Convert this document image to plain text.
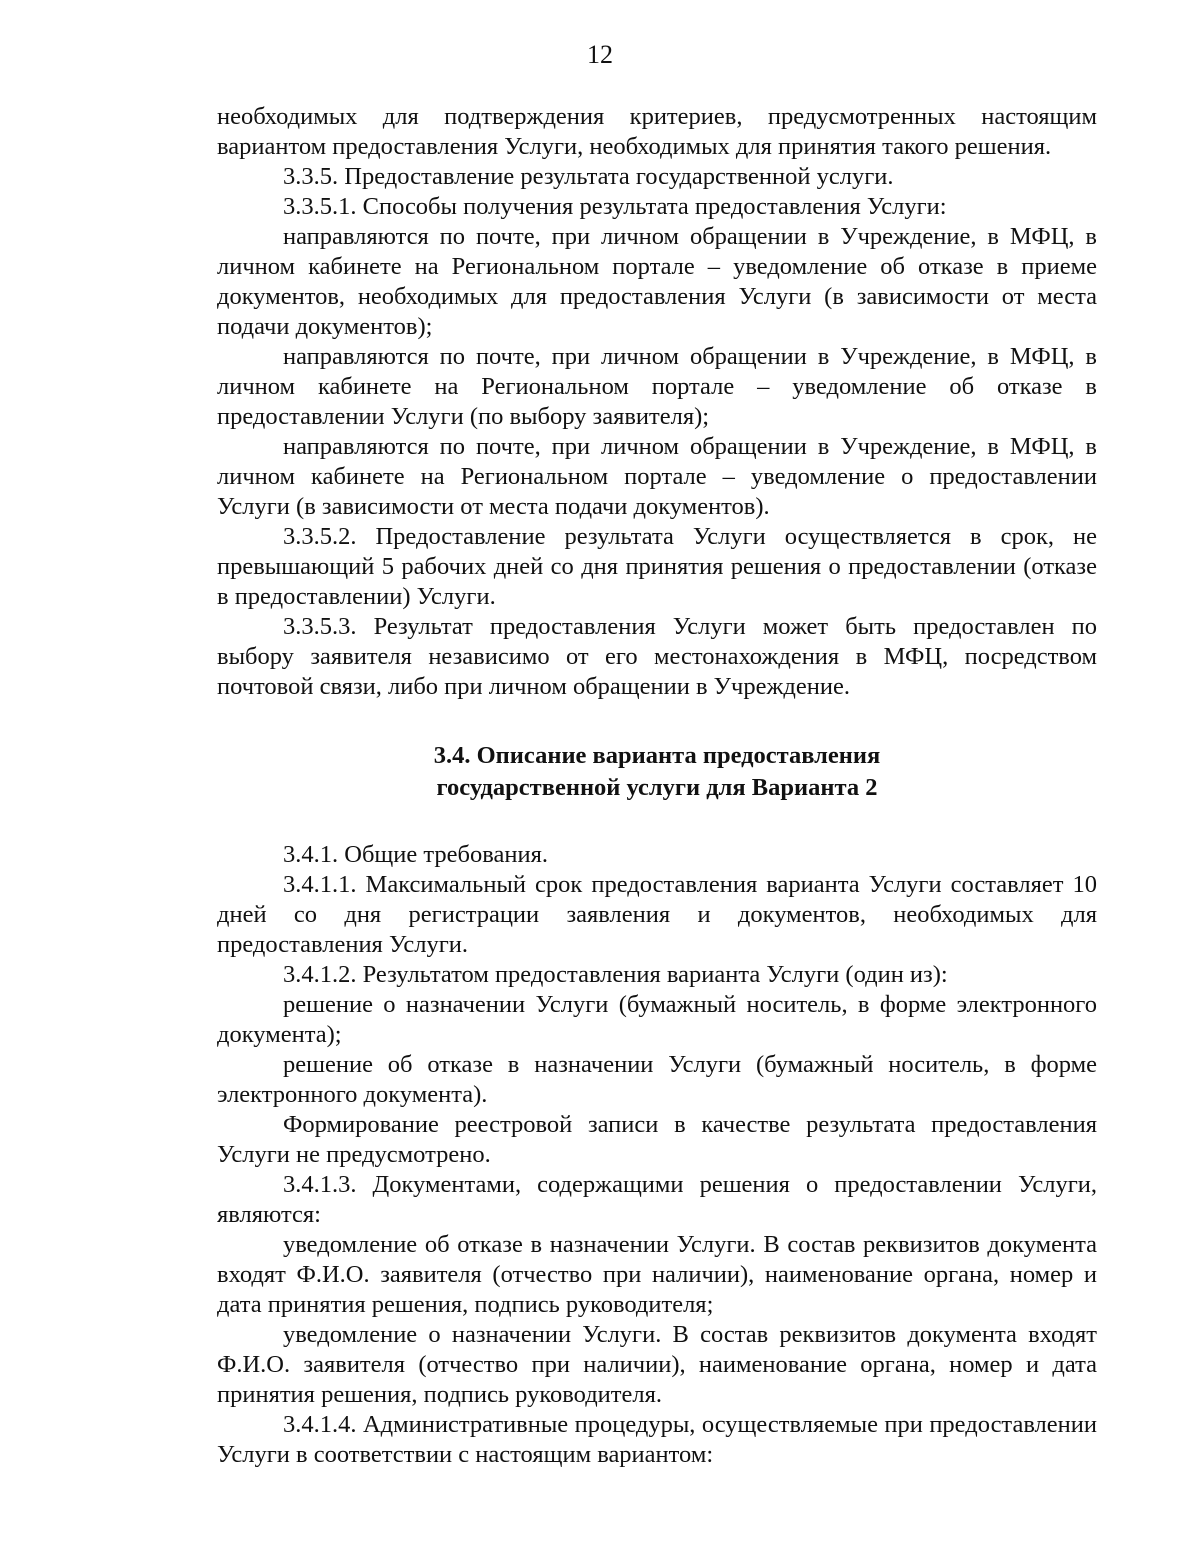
12

необходимых для подтверждения критериев, предусмотренных настоящим вариантом предоставления Услуги, необходимых для принятия такого решения.

3.3.5. Предоставление результата государственной услуги.

3.3.5.1. Способы получения результата предоставления Услуги:

направляются по почте, при личном обращении в Учреждение, в МФЦ, в личном кабинете на Региональном портале – уведомление об отказе в приеме документов, необходимых для предоставления Услуги (в зависимости от места подачи документов);

направляются по почте, при личном обращении в Учреждение, в МФЦ, в личном кабинете на Региональном портале – уведомление об отказе в предоставлении Услуги (по выбору заявителя);

направляются по почте, при личном обращении в Учреждение, в МФЦ, в личном кабинете на Региональном портале – уведомление о предоставлении Услуги (в зависимости от места подачи документов).

3.3.5.2. Предоставление результата Услуги осуществляется в срок, не превышающий 5 рабочих дней со дня принятия решения о предоставлении (отказе в предоставлении) Услуги.

3.3.5.3. Результат предоставления Услуги может быть предоставлен по выбору заявителя независимо от его местонахождения в МФЦ, посредством почтовой связи, либо при личном обращении в Учреждение.

3.4. Описание варианта предоставления
государственной услуги для Варианта 2

3.4.1. Общие требования.

3.4.1.1. Максимальный срок предоставления варианта Услуги составляет 10 дней со дня регистрации заявления и документов, необходимых для предоставления Услуги.

3.4.1.2. Результатом предоставления варианта Услуги (один из):

решение о назначении Услуги (бумажный носитель, в форме электронного документа);

решение об отказе в назначении Услуги (бумажный носитель, в форме электронного документа).

Формирование реестровой записи в качестве результата предоставления Услуги не предусмотрено.

3.4.1.3. Документами, содержащими решения о предоставлении Услуги, являются:

уведомление об отказе в назначении Услуги. В состав реквизитов документа входят Ф.И.О. заявителя (отчество при наличии), наименование органа, номер и дата принятия решения, подпись руководителя;

уведомление о назначении Услуги. В состав реквизитов документа входят Ф.И.О. заявителя (отчество при наличии), наименование органа, номер и дата принятия решения, подпись руководителя.

3.4.1.4. Административные процедуры, осуществляемые при предоставлении Услуги в соответствии с настоящим вариантом:
